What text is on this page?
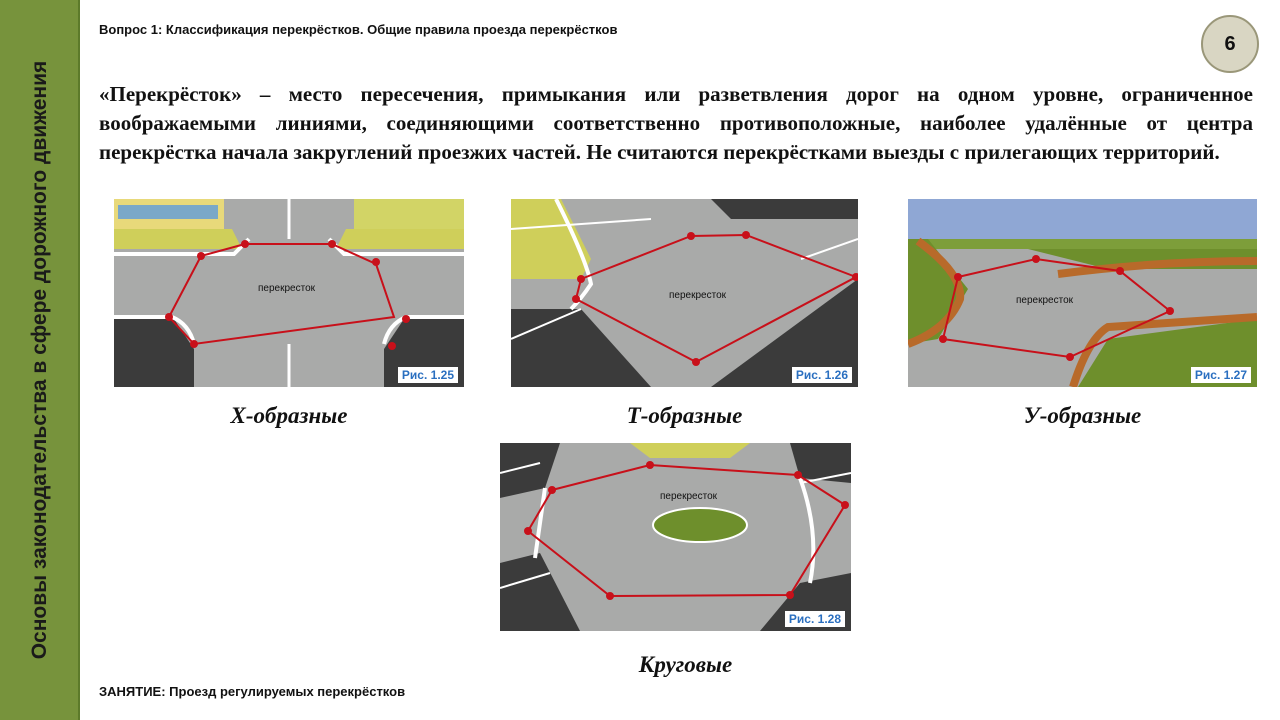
Основы законодательства в сфере дорожного движения
Вопрос 1: Классификация перекрёстков. Общие правила проезда перекрёстков
6
«Перекрёсток» – место пересечения, примыкания или разветвления дорог на одном уровне, ограниченное воображаемыми линиями, соединяющими соответственно противоположные, наиболее удалённые от центра перекрёстка начала закруглений проезжих частей. Не считаются перекрёстками выезды с прилегающих территорий.
перекресток
Рис. 1.25
Х-образные
перекресток
Рис. 1.26
Т-образные
перекресток
Рис. 1.27
У-образные
перекресток
Рис. 1.28
Круговые
ЗАНЯТИЕ: Проезд регулируемых перекрёстков
